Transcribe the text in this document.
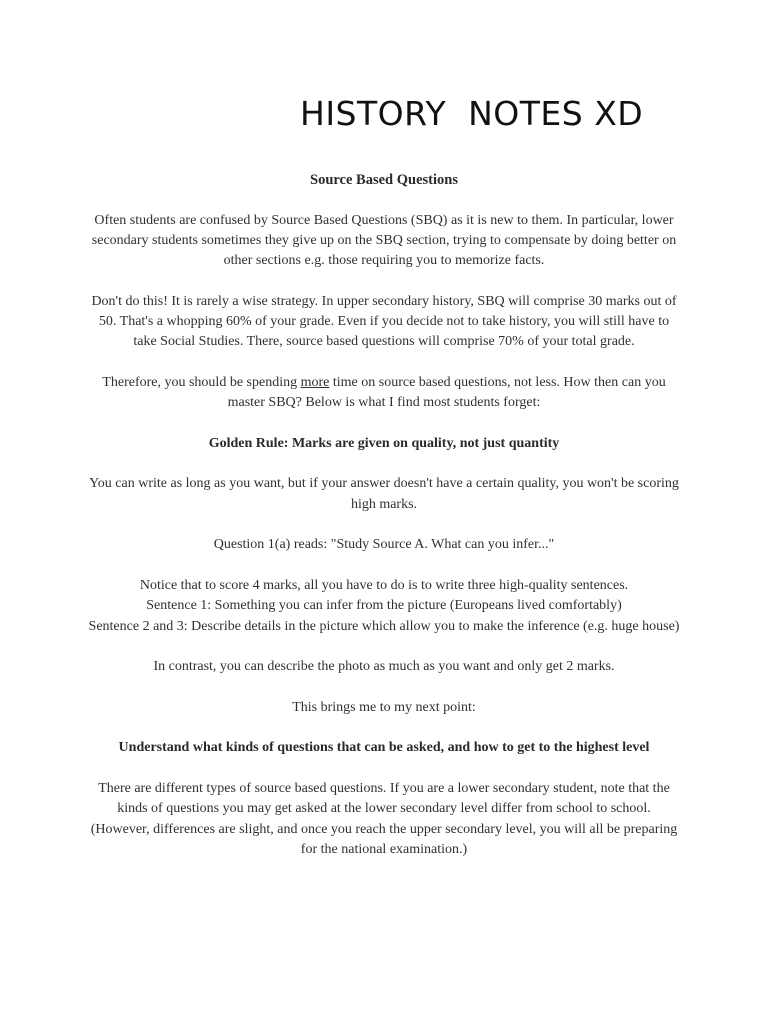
HISTORY  NOTES XD

Source Based Questions

Often students are confused by Source Based Questions (SBQ) as it is new to them. In particular, lower secondary students sometimes they give up on the SBQ section, trying to compensate by doing better on other sections e.g. those requiring you to memorize facts.

Don't do this! It is rarely a wise strategy. In upper secondary history, SBQ will comprise 30 marks out of 50. That's a whopping 60% of your grade. Even if you decide not to take history, you will still have to take Social Studies. There, source based questions will comprise 70% of your total grade.

Therefore, you should be spending more time on source based questions, not less. How then can you master SBQ? Below is what I find most students forget:

Golden Rule: Marks are given on quality, not just quantity

You can write as long as you want, but if your answer doesn't have a certain quality, you won't be scoring high marks.

Question 1(a) reads: "Study Source A. What can you infer..."

Notice that to score 4 marks, all you have to do is to write three high-quality sentences.
Sentence 1: Something you can infer from the picture (Europeans lived comfortably)
Sentence 2 and 3: Describe details in the picture which allow you to make the inference (e.g. huge house)

In contrast, you can describe the photo as much as you want and only get 2 marks.

This brings me to my next point:

Understand what kinds of questions that can be asked, and how to get to the highest level

There are different types of source based questions. If you are a lower secondary student, note that the kinds of questions you may get asked at the lower secondary level differ from school to school. (However, differences are slight, and once you reach the upper secondary level, you will all be preparing for the national examination.)
